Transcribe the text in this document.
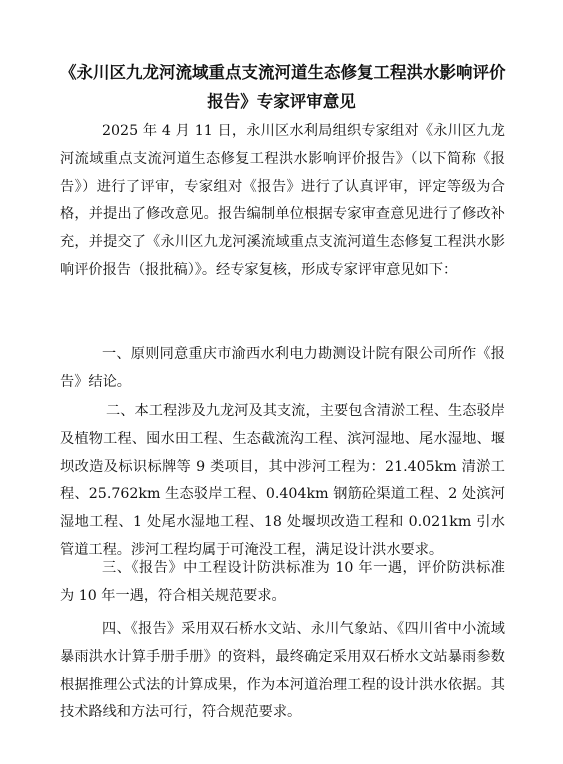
《永川区九龙河流域重点支流河道生态修复工程洪水影响评价
报告》专家评审意见

2025 年 4 月 11 日，永川区水利局组织专家组对《永川区九龙河流域重点支流河道生态修复工程洪水影响评价报告》（以下简称《报告》）进行了评审，专家组对《报告》进行了认真评审，评定等级为合格，并提出了修改意见。报告编制单位根据专家审查意见进行了修改补充，并提交了《永川区九龙河溪流域重点支流河道生态修复工程洪水影响评价报告（报批稿）》。经专家复核，形成专家评审意见如下：

一、原则同意重庆市渝西水利电力勘测设计院有限公司所作《报告》结论。

二、本工程涉及九龙河及其支流，主要包含清淤工程、生态驳岸及植物工程、囤水田工程、生态截流沟工程、滨河湿地、尾水湿地、堰坝改造及标识标牌等 9 类项目，其中涉河工程为：21.405km 清淤工程、25.762km 生态驳岸工程、0.404km 钢筋砼渠道工程、2 处滨河湿地工程、1 处尾水湿地工程、18 处堰坝改造工程和 0.021km 引水管道工程。涉河工程均属于可淹没工程，满足设计洪水要求。

三、《报告》中工程设计防洪标准为 10 年一遇，评价防洪标准为 10 年一遇，符合相关规范要求。

四、《报告》采用双石桥水文站、永川气象站、《四川省中小流域暴雨洪水计算手册手册》的资料，最终确定采用双石桥水文站暴雨参数根据推理公式法的计算成果，作为本河道治理工程的设计洪水依据。其技术路线和方法可行，符合规范要求。
